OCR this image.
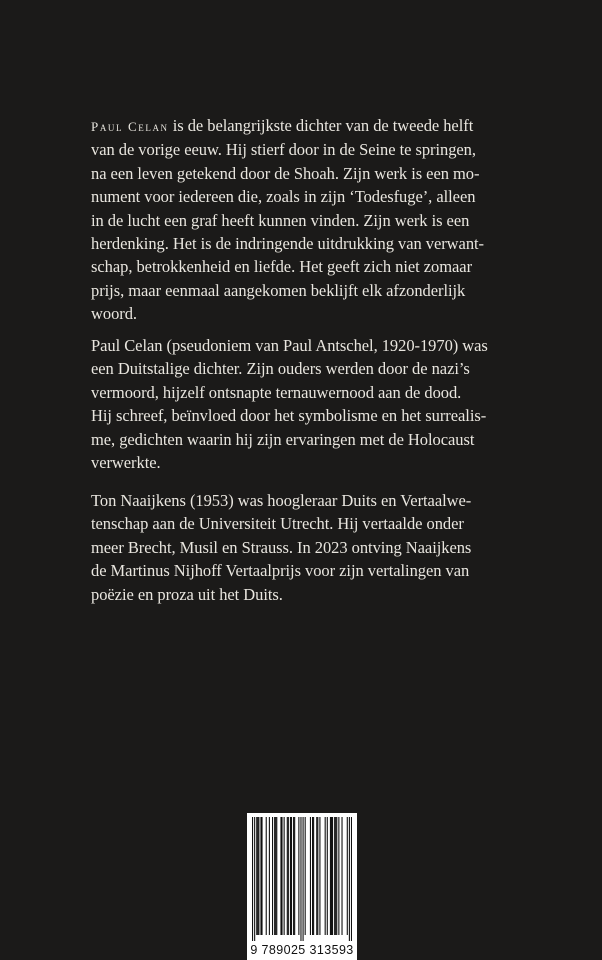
Paul Celan is de belangrijkste dichter van de tweede helft
van de vorige eeuw. Hij stierf door in de Seine te springen,
na een leven getekend door de Shoah. Zijn werk is een mo-
nument voor iedereen die, zoals in zijn ‘Todesfuge’, alleen
in de lucht een graf heeft kunnen vinden. Zijn werk is een
herdenking. Het is de indringende uitdrukking van verwant-
schap, betrokkenheid en liefde. Het geeft zich niet zomaar
prijs, maar eenmaal aangekomen beklijft elk afzonderlijk
woord.
Paul Celan (pseudoniem van Paul Antschel, 1920-1970) was
een Duitstalige dichter. Zijn ouders werden door de nazi’s
vermoord, hijzelf ontsnapte ternauwernood aan de dood.
Hij schreef, beïnvloed door het symbolisme en het surrealis-
me, gedichten waarin hij zijn ervaringen met de Holocaust
verwerkte.
Ton Naaijkens (1953) was hoogleraar Duits en Vertaalwe-
tenschap aan de Universiteit Utrecht. Hij vertaalde onder
meer Brecht, Musil en Strauss. In 2023 ontving Naaijkens
de Martinus Nijhoff Vertaalprijs voor zijn vertalingen van
poëzie en proza uit het Duits.
9 789025 313593
